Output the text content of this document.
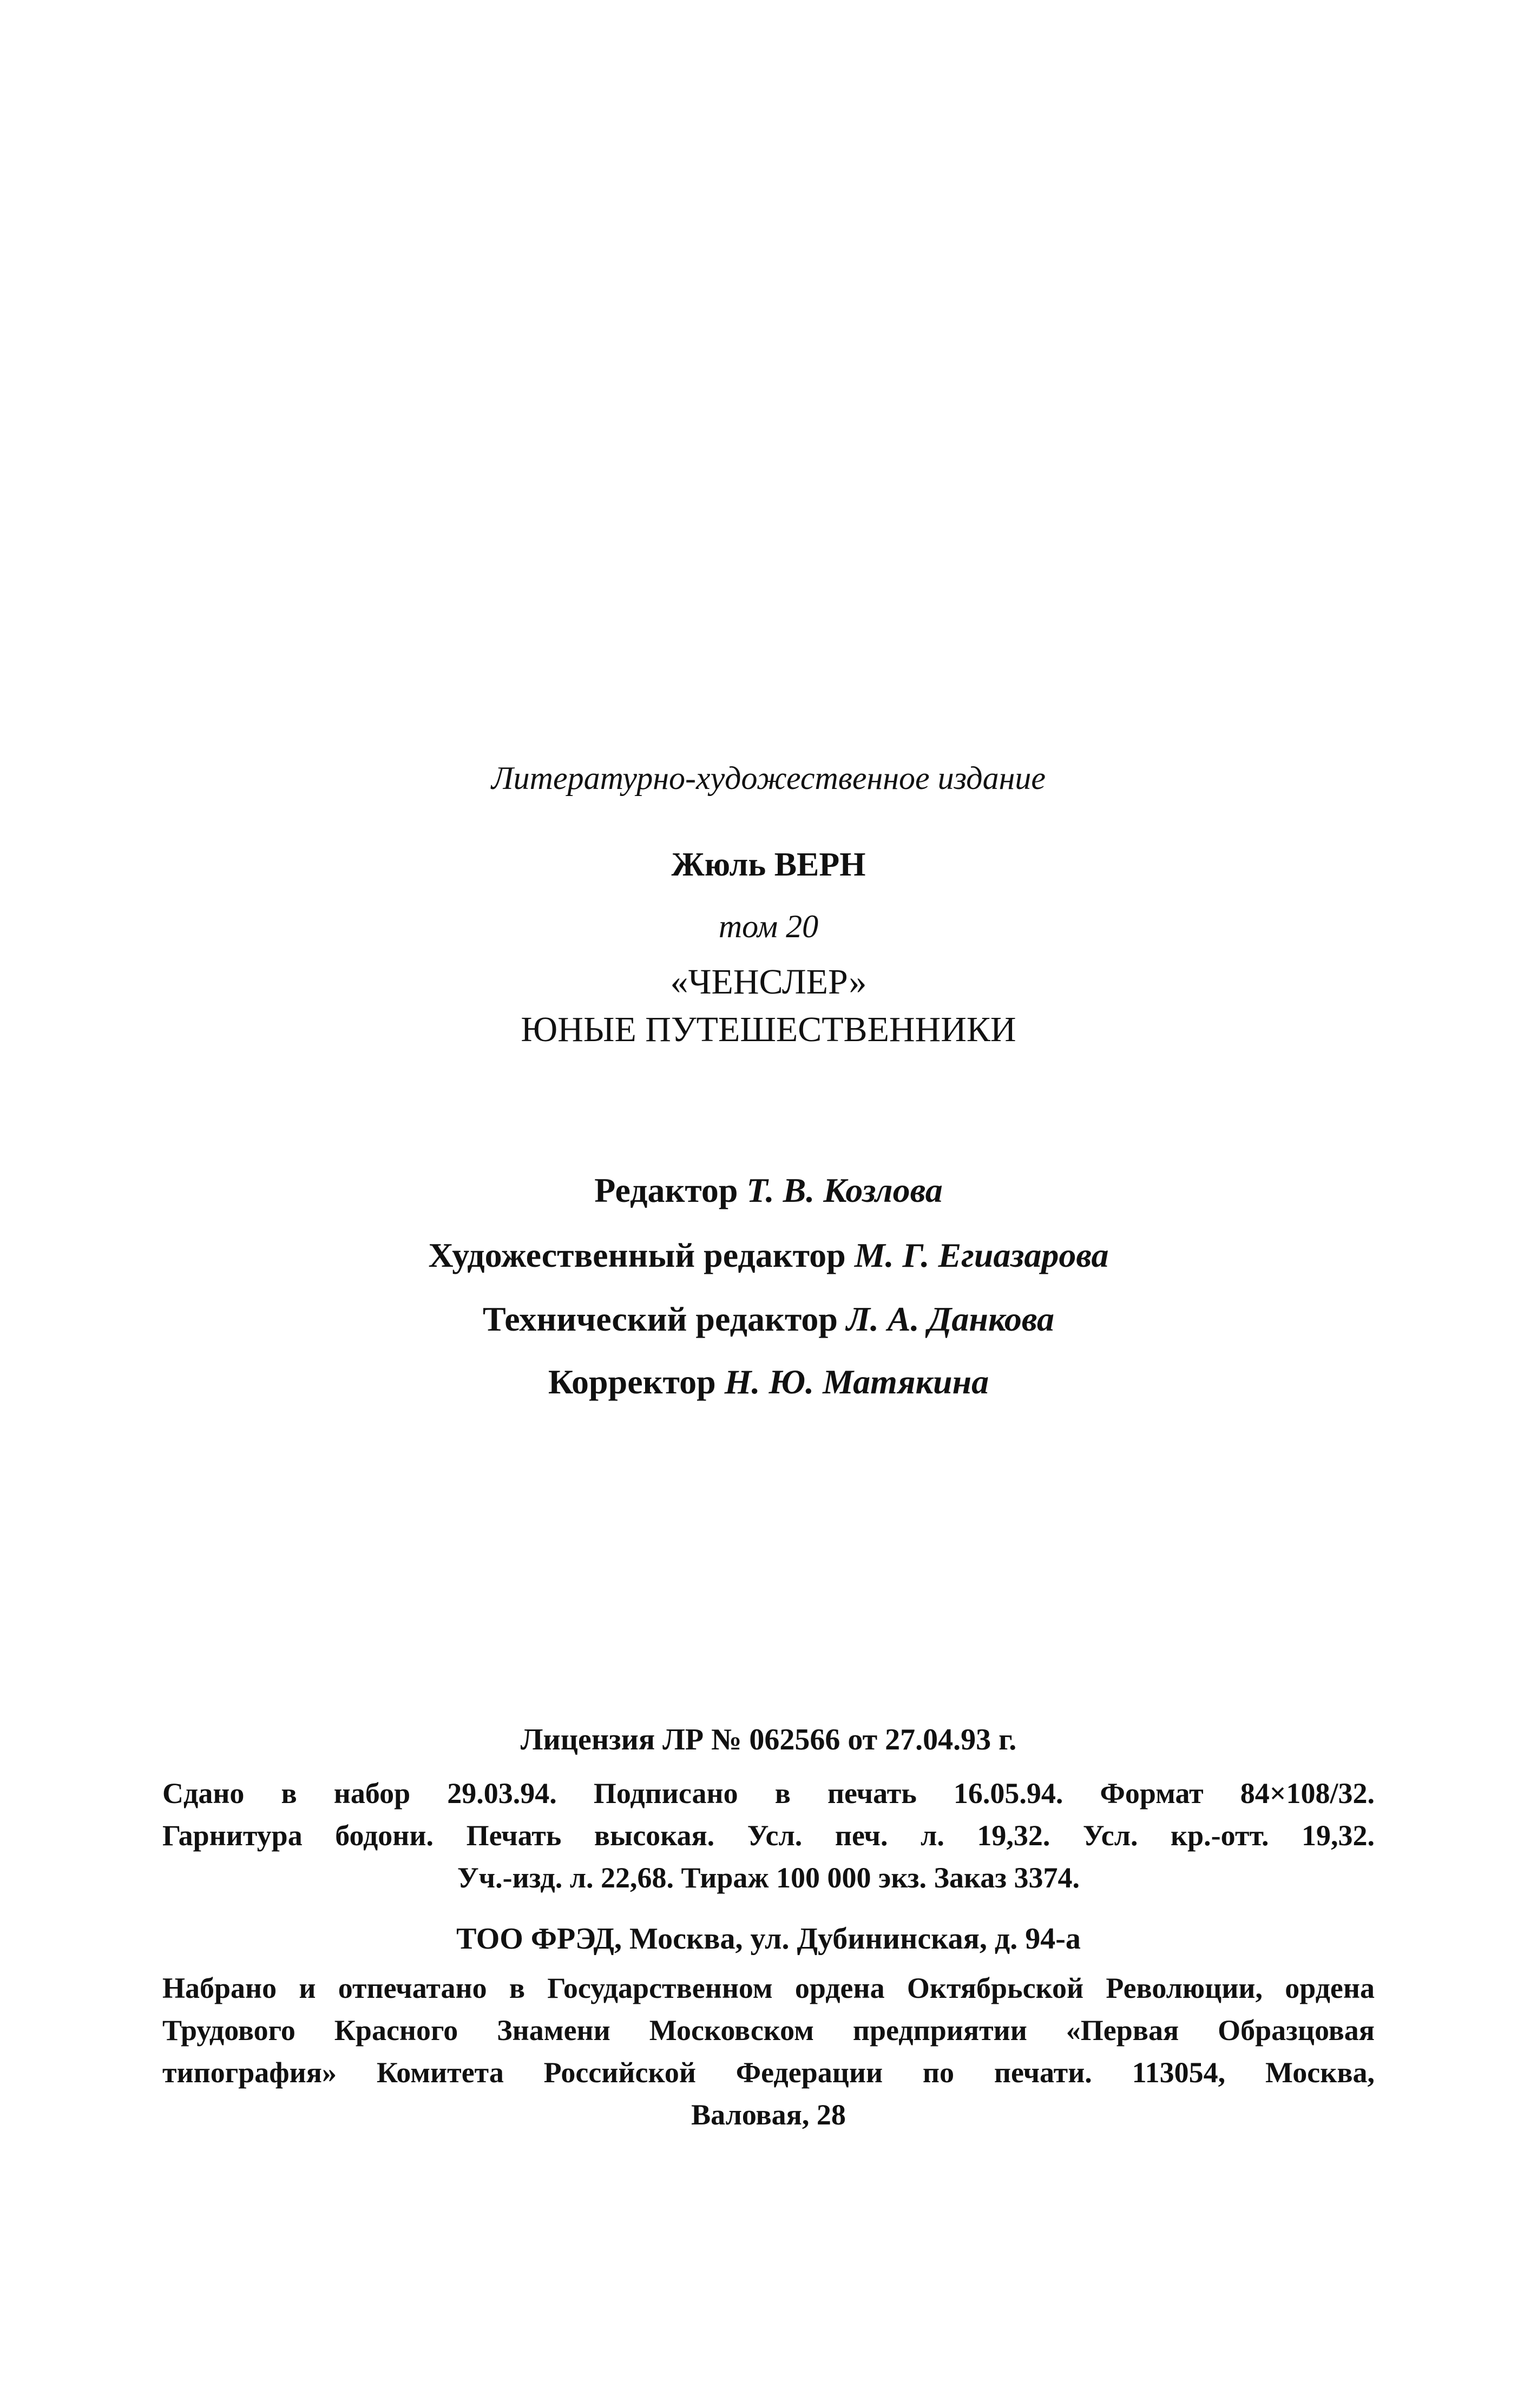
Литературно-художественное издание
Жюль ВЕРН
том 20
«ЧЕНСЛЕР»
ЮНЫЕ ПУТЕШЕСТВЕННИКИ
Редактор Т. В. Козлова
Художественный редактор М. Г. Егиазарова
Технический редактор Л. А. Данкова
Корректор Н. Ю. Матякина
Лицензия ЛР № 062566 от 27.04.93 г.
Сдано в набор 29.03.94. Подписано в печать 16.05.94. Формат 84×108/32.
Гарнитура бодони. Печать высокая. Усл. печ. л. 19,32. Усл. кр.-отт. 19,32.
Уч.-изд. л. 22,68. Тираж 100 000 экз. Заказ 3374.
ТОО ФРЭД, Москва, ул. Дубининская, д. 94-а
Набрано и отпечатано в Государственном ордена Октябрьской Революции, ордена
Трудового Красного Знамени Московском предприятии «Первая Образцовая
типография» Комитета Российской Федерации по печати. 113054, Москва,
Валовая, 28
